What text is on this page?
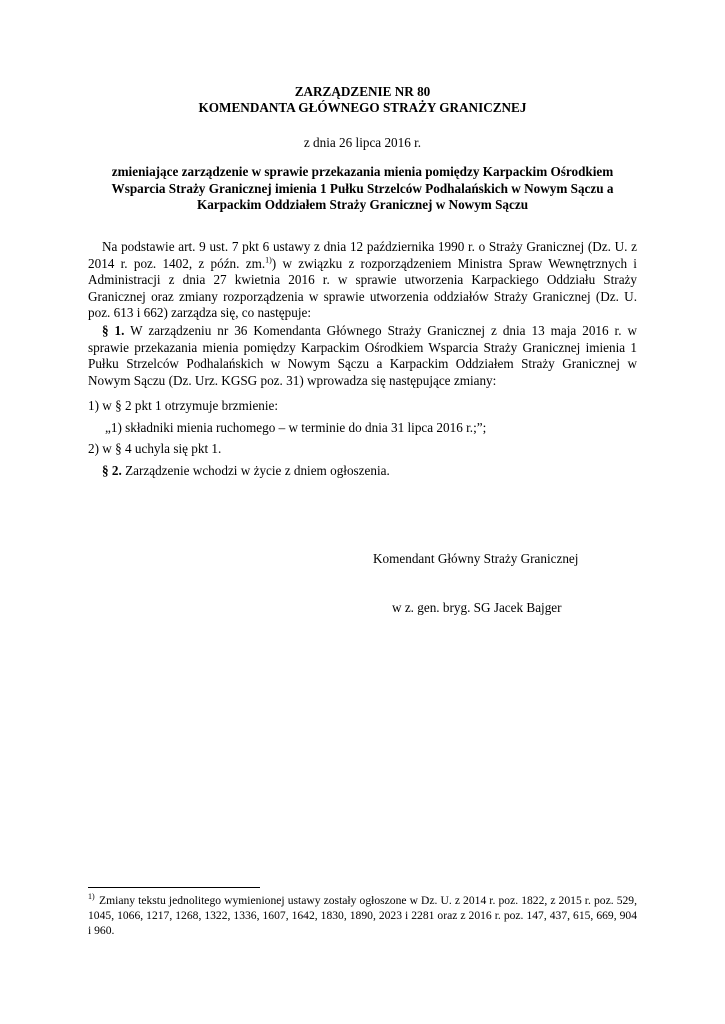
ZARZĄDZENIE NR 80
KOMENDANTA GŁÓWNEGO STRAŻY GRANICZNEJ
z dnia 26 lipca 2016 r.
zmieniające zarządzenie w sprawie przekazania mienia pomiędzy Karpackim Ośrodkiem Wsparcia Straży Granicznej imienia 1 Pułku Strzelców Podhalańskich w Nowym Sączu a Karpackim Oddziałem Straży Granicznej w Nowym Sączu
Na podstawie art. 9 ust. 7 pkt 6 ustawy z dnia 12 października 1990 r. o Straży Granicznej (Dz. U. z 2014 r. poz. 1402, z późn. zm.$^{1)}$) w związku z rozporządzeniem Ministra Spraw Wewnętrznych i Administracji z dnia 27 kwietnia 2016 r. w sprawie utworzenia Karpackiego Oddziału Straży Granicznej oraz zmiany rozporządzenia w sprawie utworzenia oddziałów Straży Granicznej (Dz. U. poz. 613 i 662) zarządza się, co następuje:
§ 1. W zarządzeniu nr 36 Komendanta Głównego Straży Granicznej z dnia 13 maja 2016 r. w sprawie przekazania mienia pomiędzy Karpackim Ośrodkiem Wsparcia Straży Granicznej imienia 1 Pułku Strzelców Podhalańskich w Nowym Sączu a Karpackim Oddziałem Straży Granicznej w Nowym Sączu (Dz. Urz. KGSG poz. 31) wprowadza się następujące zmiany:
1) w § 2 pkt 1 otrzymuje brzmienie:
„1) składniki mienia ruchomego – w terminie do dnia 31 lipca 2016 r.;”;
2) w § 4 uchyla się pkt 1.
§ 2. Zarządzenie wchodzi w życie z dniem ogłoszenia.
Komendant Główny Straży Granicznej
w z. gen. bryg. SG Jacek Bajger
1) Zmiany tekstu jednolitego wymienionej ustawy zostały ogłoszone w Dz. U. z 2014 r. poz. 1822, z 2015 r. poz. 529, 1045, 1066, 1217, 1268, 1322, 1336, 1607, 1642, 1830, 1890, 2023 i 2281 oraz z 2016 r. poz. 147, 437, 615, 669, 904 i 960.
